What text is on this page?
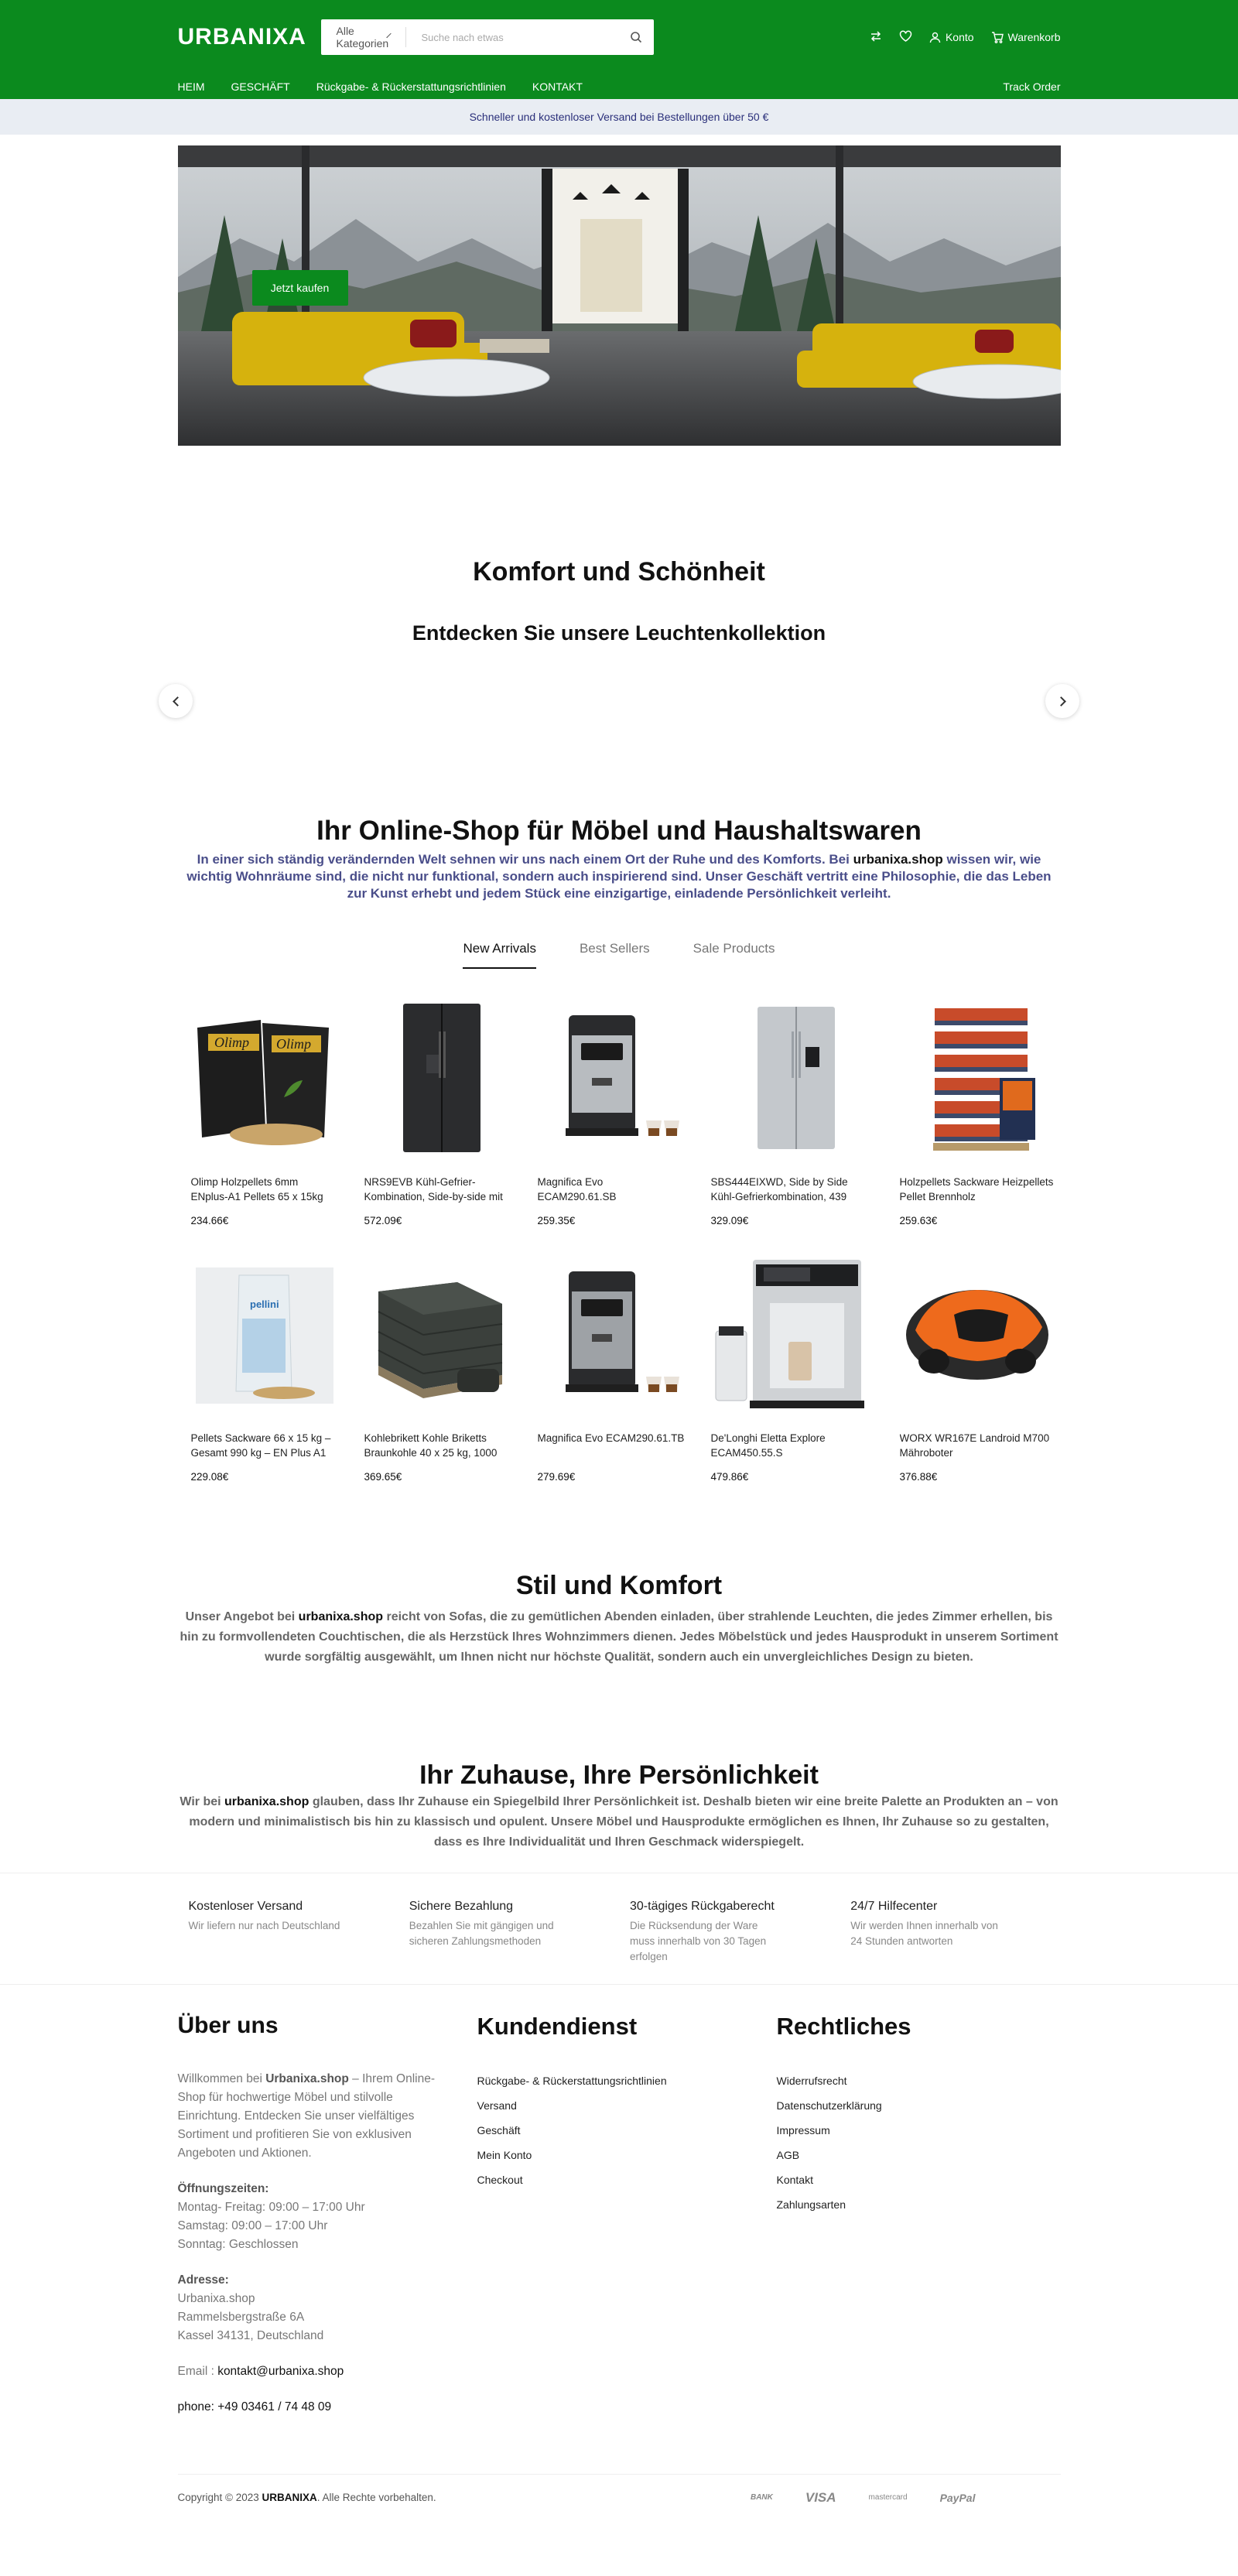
URBANIXA	Alle Kategorien	Suche nach etwas	Konto	Warenkorb
HEIM GESCHÄFT Rückgabe- & Rückerstattungsrichtlinien KONTAKT	Track Order
Schneller und kostenloser Versand bei Bestellungen über 50 €
Jetzt kaufen
Komfort und Schönheit
Entdecken Sie unsere Leuchtenkollektion
Ihr Online-Shop für Möbel und Haushaltswaren

In einer sich ständig verändernden Welt sehnen wir uns nach einem Ort der Ruhe und des Komforts. Bei urbanixa.shop wissen wir, wie wichtig Wohnräume sind, die nicht nur funktional, sondern auch inspirierend sind. Unser Geschäft vertritt eine Philosophie, die das Leben zur Kunst erhebt und jedem Stück eine einzigartige, einladende Persönlichkeit verleiht.

New Arrivals	Best Sellers	Sale Products
Olimp Olimp
Olimp Holzpellets 6mm ENplus-A1 Pellets 65 x 15kg
234.66€
NRS9EVB Kühl-Gefrier-Kombination, Side-by-side mit
572.09€
Magnifica Evo ECAM290.61.SB
259.35€
SBS444EIXWD, Side by Side Kühl-Gefrierkombination, 439
329.09€
Holzpellets Sackware Heizpellets Pellet Brennholz
259.63€
pellini
Pellets Sackware 66 x 15 kg – Gesamt 990 kg – EN Plus A1
229.08€
Kohlebrikett Kohle Briketts Braunkohle 40 x 25 kg, 1000
369.65€
Magnifica Evo ECAM290.61.TB
279.69€
De'Longhi Eletta Explore ECAM450.55.S
479.86€
WORX WR167E Landroid M700 Mähroboter
376.88€
Stil und Komfort

Unser Angebot bei urbanixa.shop reicht von Sofas, die zu gemütlichen Abenden einladen, über strahlende Leuchten, die jedes Zimmer erhellen, bis hin zu formvollendeten Couchtischen, die als Herzstück Ihres Wohnzimmers dienen. Jedes Möbelstück und jedes Hausprodukt in unserem Sortiment wurde sorgfältig ausgewählt, um Ihnen nicht nur höchste Qualität, sondern auch ein unvergleichliches Design zu bieten.

Ihr Zuhause, Ihre Persönlichkeit

Wir bei urbanixa.shop glauben, dass Ihr Zuhause ein Spiegelbild Ihrer Persönlichkeit ist. Deshalb bieten wir eine breite Palette an Produkten an – von modern und minimalistisch bis hin zu klassisch und opulent. Unsere Möbel und Hausprodukte ermöglichen es Ihnen, Ihr Zuhause so zu gestalten, dass es Ihre Individualität und Ihren Geschmack widerspiegelt.

Kostenloser Versand
Wir liefern nur nach Deutschland
Sichere Bezahlung
Bezahlen Sie mit gängigen und sicheren Zahlungsmethoden
30-tägiges Rückgaberecht
Die Rücksendung der Ware muss innerhalb von 30 Tagen erfolgen
24/7 Hilfecenter
Wir werden Ihnen innerhalb von 24 Stunden antworten
Über uns
Willkommen bei Urbanixa.shop – Ihrem Online-Shop für hochwertige Möbel und stilvolle Einrichtung. Entdecken Sie unser vielfältiges Sortiment und profitieren Sie von exklusiven Angeboten und Aktionen.
Öffnungszeiten:
Montag- Freitag: 09:00 – 17:00 Uhr
Samstag: 09:00 – 17:00 Uhr
Sonntag: Geschlossen
Adresse:
Urbanixa.shop
Rammelsbergstraße 6A
Kassel 34131, Deutschland
Email : kontakt@urbanixa.shop
phone: +49 03461 / 74 48 09
Kundendienst
Rückgabe- & Rückerstattungsrichtlinien
Versand
Geschäft
Mein Konto
Checkout
Rechtliches
Widerrufsrecht
Datenschutzerklärung
Impressum
AGB
Kontakt
Zahlungsarten
Copyright © 2023 URBANIXA. Alle Rechte vorbehalten.	BANK VISA	mastercard	PayPal
